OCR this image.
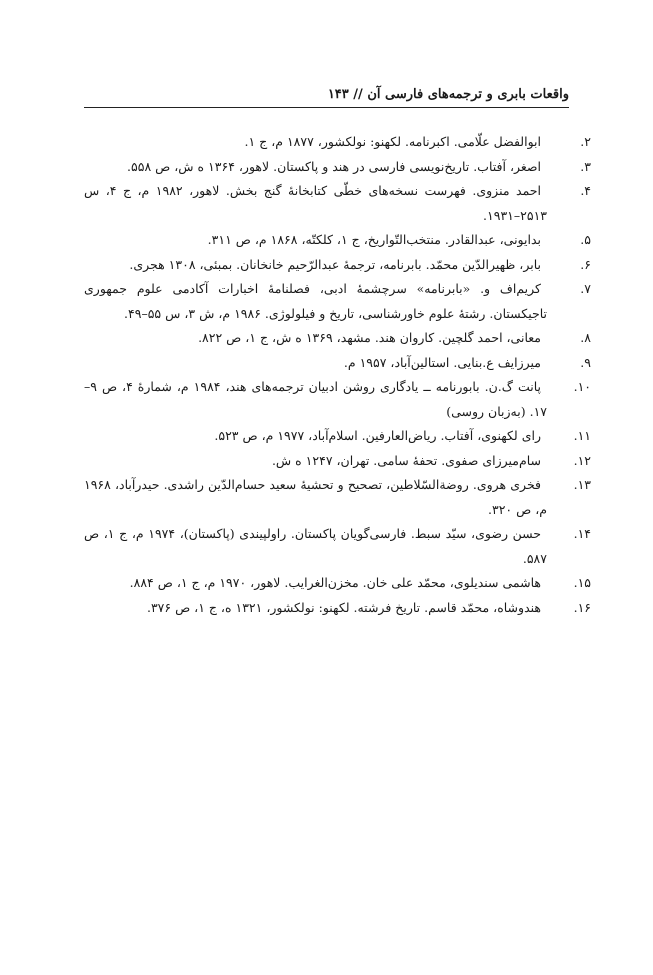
واقعات بابری و ترجمه‌های فارسی آن // ۱۴۳
۲.ابوالفضل علّامی. اکبرنامه. لکهنو: نولکشور، ۱۸۷۷ م، ج ۱.
۳.اصغر، آفتاب. تاریخ‌نویسی فارسی در هند و پاکستان. لاهور، ۱۳۶۴ ه ش، ص ۵۵۸.
۴.احمد منزوی. فهرست نسخه‌های خطّی کتابخانهٔ گنج بخش. لاهور، ۱۹۸۲ م، ج ۴، س ۲۵۱۳–۱۹۳۱.
۵.بدایونی، عبدالقادر. منتخب‌التّواریخ، ج ۱، کلکتّه، ۱۸۶۸ م، ص ۳۱۱.
۶.بابر، ظهیرالدّین محمّد. بابرنامه، ترجمهٔ عبدالرّحیم خانخانان. بمبئی، ۱۳۰۸ هجری.
۷.کریم‌اف و. «بابرنامه» سرچشمهٔ ادبی، فصلنامهٔ اخبارات آکادمی علوم جمهوری تاجیکستان. رشتهٔ علوم خاورشناسی، تاریخ و فیلولوژی. ۱۹۸۶ م، ش ۳، س ۵۵–۴۹.
۸.معانی، احمد گلچین. کاروان هند. مشهد، ۱۳۶۹ ه ش، ج ۱، ص ۸۲۲.
۹.میرزایف ع.بنایی. استالین‌آباد، ۱۹۵۷ م.
۱۰.پانت گ.ن. بابورنامه ــ یادگاری روشن ادبیان ترجمه‌های هند، ۱۹۸۴ م، شمارهٔ ۴، ص ۹–۱۷. (به‌زبان روسی)
۱۱.رای لکهنوی، آفتاب. ریاض‌العارفین. اسلام‌آباد، ۱۹۷۷ م، ص ۵۲۳.
۱۲.سام‌میرزای صفوی. تحفهٔ سامی. تهران، ۱۲۴۷ ه ش.
۱۳.فخری هروی. روضةالسّلاطین، تصحیح و تحشیهٔ سعید حسام‌الدّین راشدی. حیدرآباد، ۱۹۶۸ م، ص ۳۲۰.
۱۴.حسن رضوی، سیّد سبط. فارسی‌گویان پاکستان. راولپیندی (پاکستان)، ۱۹۷۴ م، ج ۱، ص ۵۸۷.
۱۵.هاشمی سندیلوی، محمّد علی خان. مخزن‌الغرایب. لاهور، ۱۹۷۰ م، ج ۱، ص ۸۸۴.
۱۶.هندوشاه، محمّد قاسم. تاریخ فرشته. لکهنو: نولکشور، ۱۳۲۱ ه، ج ۱، ص ۳۷۶.
